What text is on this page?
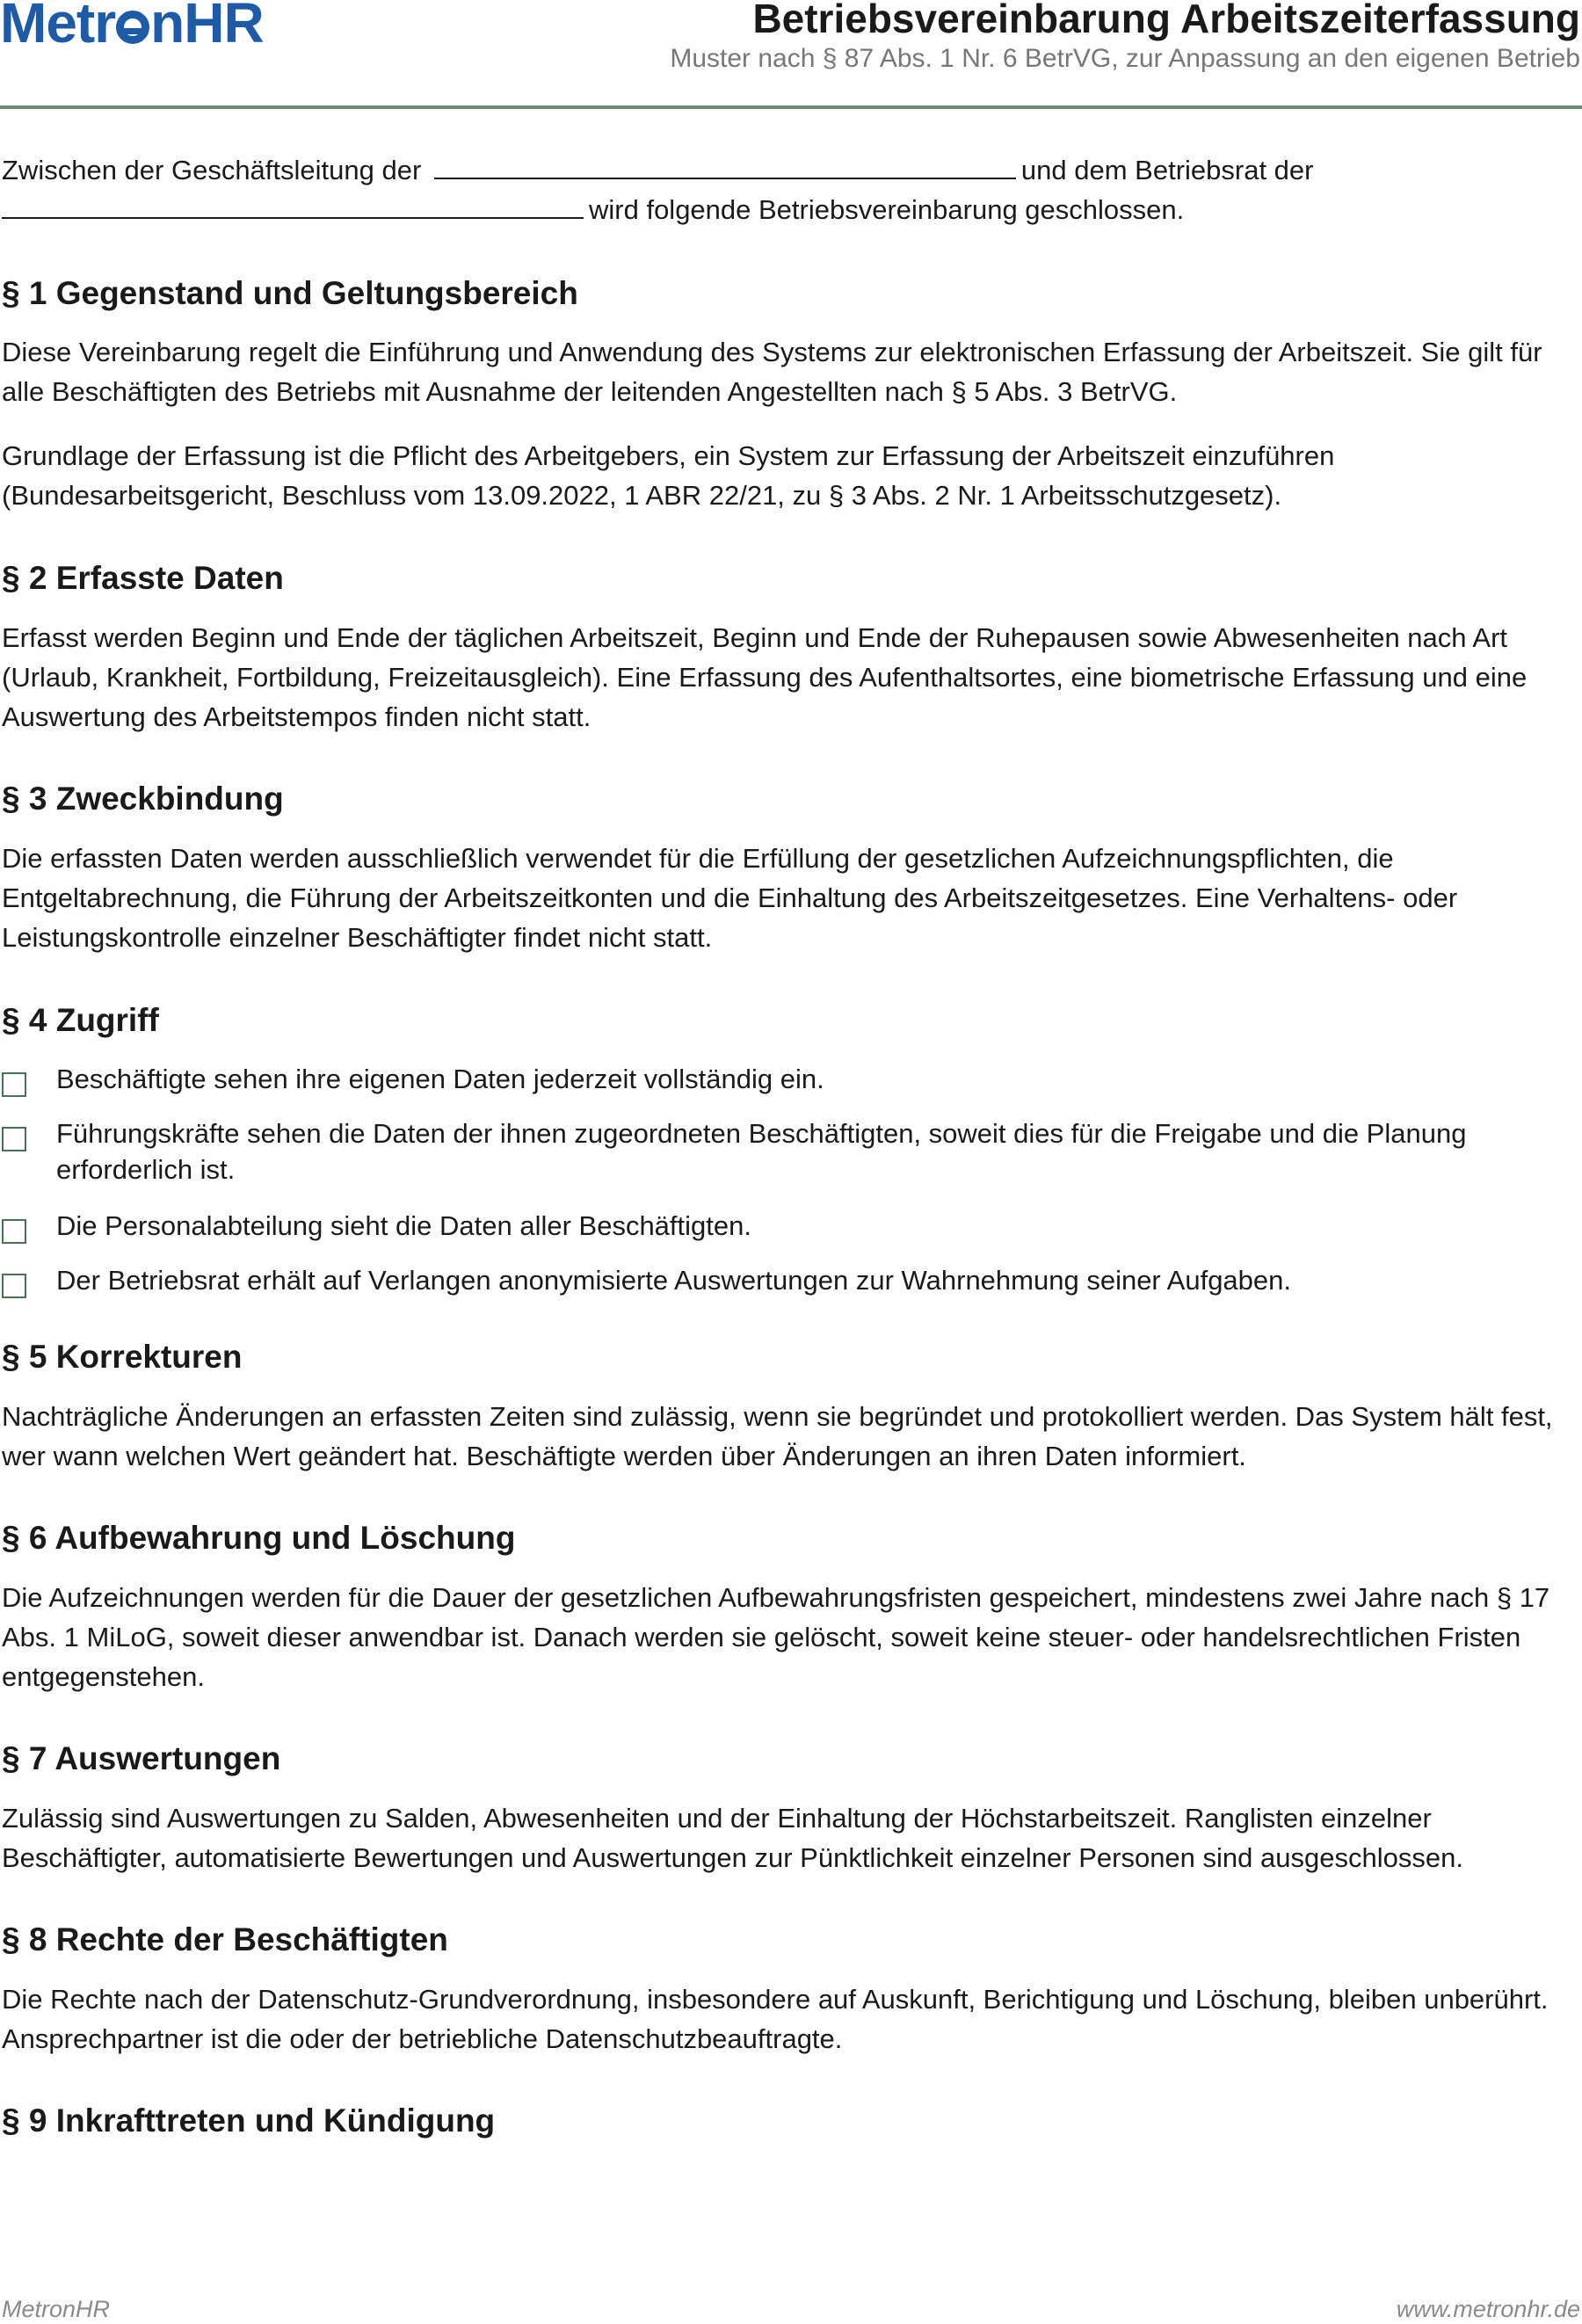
Metr nHR	Betriebsvereinbarung Arbeitszeiterfassung
Muster nach § 87 Abs. 1 Nr. 6 BetrVG, zur Anpassung an den eigenen Betrieb
Zwischen der Geschäftsleitung der	und dem Betriebsrat der
wird folgende Betriebsvereinbarung geschlossen.
§ 1 Gegenstand und Geltungsbereich
Diese Vereinbarung regelt die Einführung und Anwendung des Systems zur elektronischen Erfassung der Arbeitszeit. Sie gilt für alle Beschäftigten des Betriebs mit Ausnahme der leitenden Angestellten nach § 5 Abs. 3 BetrVG.
Grundlage der Erfassung ist die Pflicht des Arbeitgebers, ein System zur Erfassung der Arbeitszeit einzuführen (Bundesarbeitsgericht, Beschluss vom 13.09.2022, 1 ABR 22/21, zu § 3 Abs. 2 Nr. 1 Arbeitsschutzgesetz).
§ 2 Erfasste Daten
Erfasst werden Beginn und Ende der täglichen Arbeitszeit, Beginn und Ende der Ruhepausen sowie Abwesenheiten nach Art (Urlaub, Krankheit, Fortbildung, Freizeitausgleich). Eine Erfassung des Aufenthaltsortes, eine biometrische Erfassung und eine Auswertung des Arbeitstempos finden nicht statt.
§ 3 Zweckbindung
Die erfassten Daten werden ausschließlich verwendet für die Erfüllung der gesetzlichen Aufzeichnungspflichten, die Entgeltabrechnung, die Führung der Arbeitszeitkonten und die Einhaltung des Arbeitszeitgesetzes. Eine Verhaltens- oder Leistungskontrolle einzelner Beschäftigter findet nicht statt.
§ 4 Zugriff
Beschäftigte sehen ihre eigenen Daten jederzeit vollständig ein.
Führungskräfte sehen die Daten der ihnen zugeordneten Beschäftigten, soweit dies für die Freigabe und die Planung erforderlich ist.
Die Personalabteilung sieht die Daten aller Beschäftigten.
Der Betriebsrat erhält auf Verlangen anonymisierte Auswertungen zur Wahrnehmung seiner Aufgaben.
§ 5 Korrekturen
Nachträgliche Änderungen an erfassten Zeiten sind zulässig, wenn sie begründet und protokolliert werden. Das System hält fest, wer wann welchen Wert geändert hat. Beschäftigte werden über Änderungen an ihren Daten informiert.
§ 6 Aufbewahrung und Löschung
Die Aufzeichnungen werden für die Dauer der gesetzlichen Aufbewahrungsfristen gespeichert, mindestens zwei Jahre nach § 17 Abs. 1 MiLoG, soweit dieser anwendbar ist. Danach werden sie gelöscht, soweit keine steuer- oder handelsrechtlichen Fristen entgegenstehen.
§ 7 Auswertungen
Zulässig sind Auswertungen zu Salden, Abwesenheiten und der Einhaltung der Höchstarbeitszeit. Ranglisten einzelner Beschäftigter, automatisierte Bewertungen und Auswertungen zur Pünktlichkeit einzelner Personen sind ausgeschlossen.
§ 8 Rechte der Beschäftigten
Die Rechte nach der Datenschutz-Grundverordnung, insbesondere auf Auskunft, Berichtigung und Löschung, bleiben unberührt. Ansprechpartner ist die oder der betriebliche Datenschutzbeauftragte.
§ 9 Inkrafttreten und Kündigung
MetronHR	www.metronhr.de
